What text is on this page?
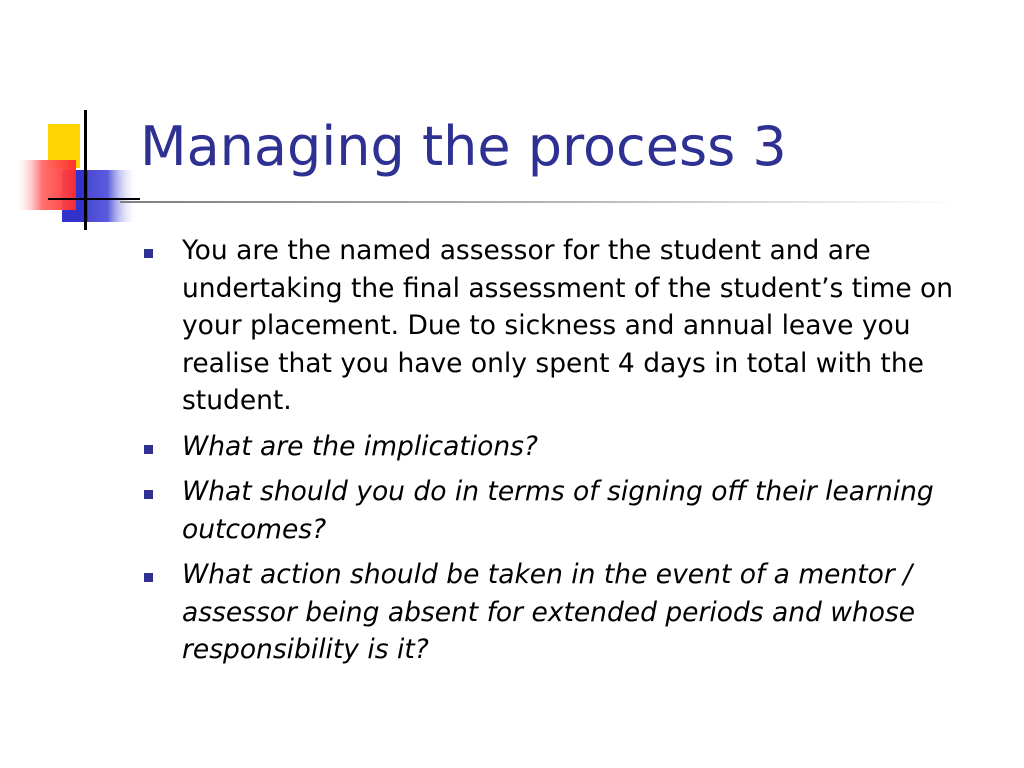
Managing the process 3
You are the named assessor for the student and are undertaking the final assessment of the student’s time on your placement. Due to sickness and annual leave you realise that you have only spent 4 days in total with the student.
What are the implications?
What should you do in terms of signing off their learning outcomes?
What action should be taken in the event of a mentor / assessor being absent for extended periods and whose responsibility is it?
